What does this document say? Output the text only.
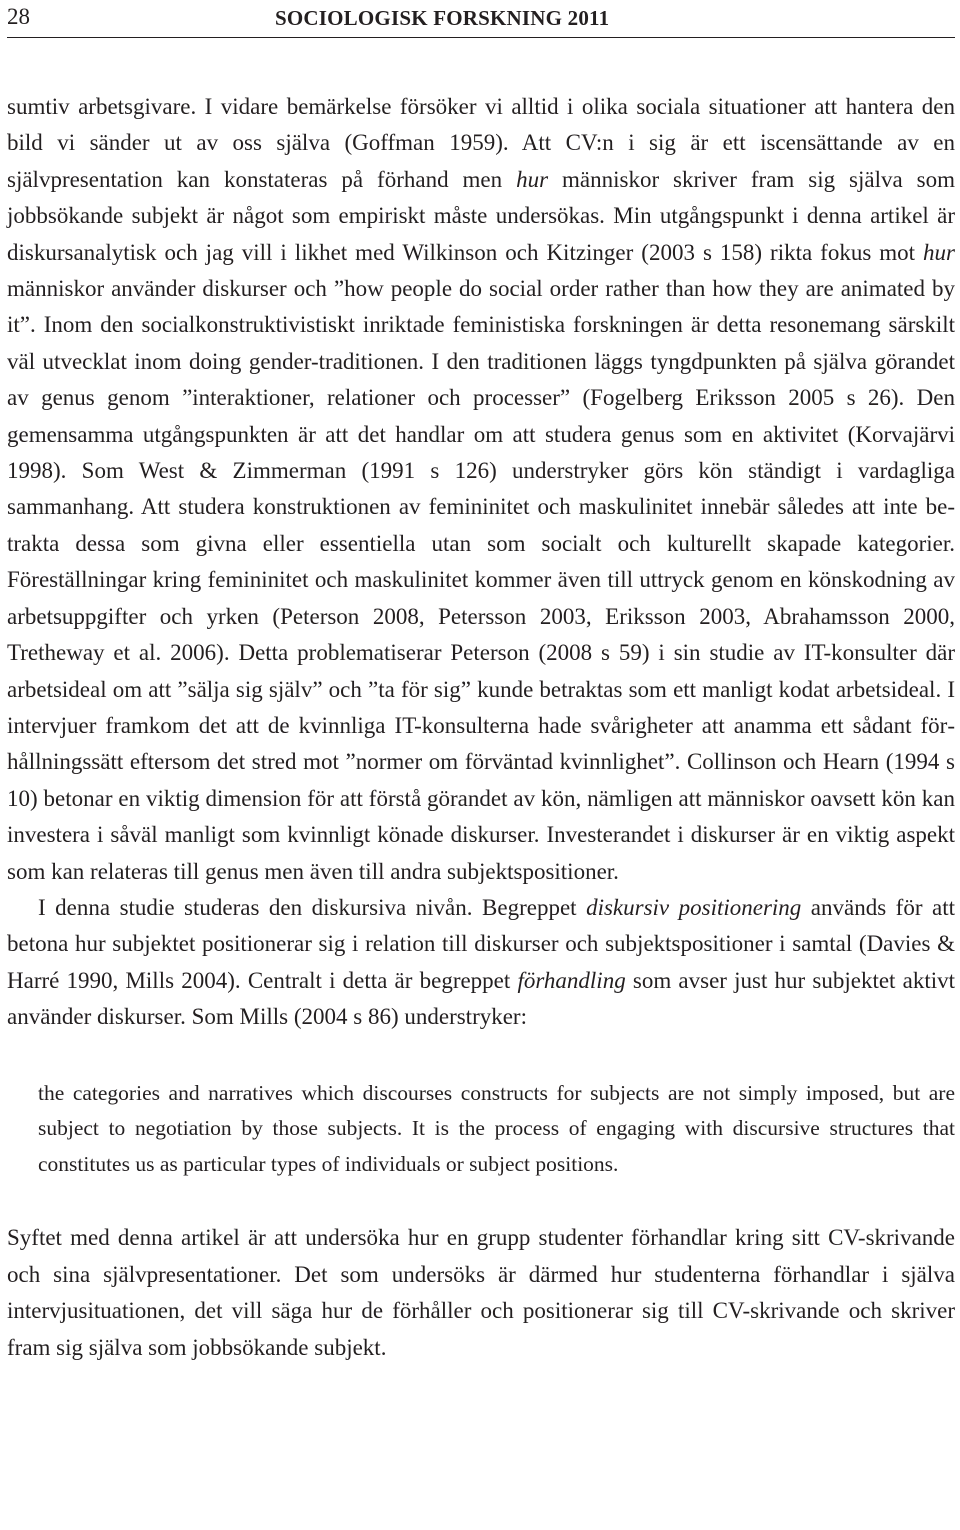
28	SOCIOLOGISK FORSKNING 2011

sumtiv arbetsgivare. I vidare bemärkelse försöker vi alltid i olika sociala situationer att hantera den bild vi sänder ut av oss själva (Goffman 1959). Att CV:n i sig är ett iscensättande av en självpresentation kan konstateras på förhand men hur människor skriver fram sig själva som jobbsökande subjekt är något som empiriskt måste undersökas. Min utgångspunkt i denna artikel är diskursanalytisk och jag vill i likhet med Wilkinson och Kitzinger (2003 s 158) rikta fokus mot hur människor använder diskurser och ”how people do social order rather than how they are animated by it”. Inom den socialkonstruktivistiskt inriktade feministiska forskningen är detta resonemang särskilt väl utvecklat inom doing gender-traditionen. I den traditionen läggs tyngdpunkten på själva görandet av genus genom ”interaktioner, relationer och processer” (Fogelberg Eriksson 2005 s 26). Den gemensamma utgångspunkten är att det handlar om att studera genus som en aktivitet (Korvajärvi 1998). Som West & Zimmerman (1991 s 126) understryker görs kön ständigt i vardagliga sammanhang. Att studera konstruktionen av femininitet och maskulinitet innebär således att inte betrakta dessa som givna eller essentiella utan som socialt och kulturellt skapade kategorier. Föreställningar kring femininitet och maskulinitet kommer även till uttryck genom en könskodning av arbetsuppgifter och yrken (Peterson 2008, Petersson 2003, Eriksson 2003, Abrahamsson 2000, Tretheway et al. 2006). Detta problematiserar Peterson (2008 s 59) i sin studie av IT-konsulter där arbetsideal om att ”sälja sig själv” och ”ta för sig” kunde betraktas som ett manligt kodat arbetsideal. I intervjuer framkom det att de kvinnliga IT-konsulterna hade svårigheter att anamma ett sådant förhållningssätt eftersom det stred mot ”normer om förväntad kvinnlighet”. Collinson och Hearn (1994 s 10) betonar en viktig dimension för att förstå görandet av kön, nämligen att människor oavsett kön kan investera i såväl manligt som kvinnligt könade diskurser. Investerandet i diskurser är en viktig aspekt som kan relateras till genus men även till andra subjektspositioner.

I denna studie studeras den diskursiva nivån. Begreppet diskursiv positionering används för att betona hur subjektet positionerar sig i relation till diskurser och subjektspositioner i samtal (Davies & Harré 1990, Mills 2004). Centralt i detta är begreppet förhandling som avser just hur subjektet aktivt använder diskurser. Som Mills (2004 s 86) understryker:

the categories and narratives which discourses constructs for subjects are not simply imposed, but are subject to negotiation by those subjects. It is the process of engaging with discursive structures that constitutes us as particular types of individuals or subject positions.

Syftet med denna artikel är att undersöka hur en grupp studenter förhandlar kring sitt CV-skrivande och sina självpresentationer. Det som undersöks är därmed hur studenterna förhandlar i själva intervjusituationen, det vill säga hur de förhåller och positionerar sig till CV-skrivande och skriver fram sig själva som jobbsökande subjekt.
